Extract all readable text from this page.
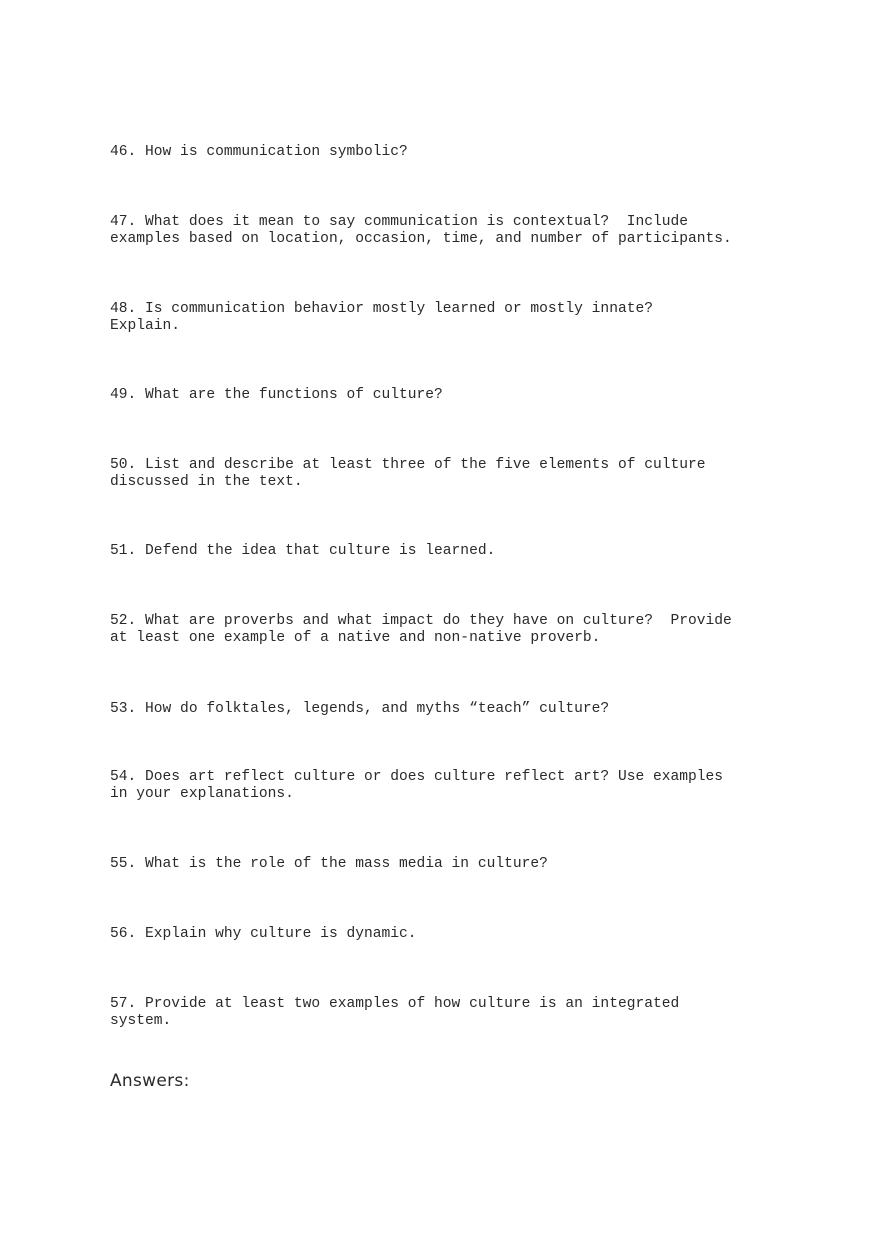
46. How is communication symbolic?

47. What does it mean to say communication is contextual?  Include
examples based on location, occasion, time, and number of participants.

48. Is communication behavior mostly learned or mostly innate?
Explain.

49. What are the functions of culture?

50. List and describe at least three of the five elements of culture
discussed in the text.

51. Defend the idea that culture is learned.

52. What are proverbs and what impact do they have on culture?  Provide
at least one example of a native and non-native proverb.

53. How do folktales, legends, and myths “teach” culture?

54. Does art reflect culture or does culture reflect art? Use examples
in your explanations.

55. What is the role of the mass media in culture?

56. Explain why culture is dynamic.

57. Provide at least two examples of how culture is an integrated
system.

Answers:
